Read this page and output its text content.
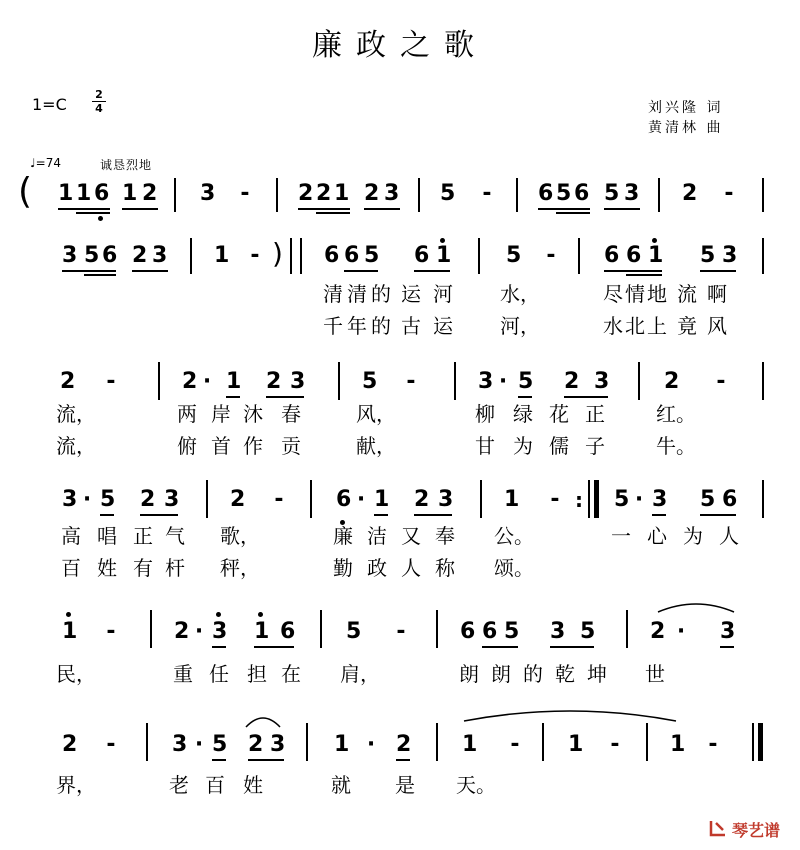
廉政之歌
1=C
2
4	刘兴隆 词
黄清林 曲
♩=74	诚恳烈地
( 1 1 6 1 2 3 - 2 2 1 2 3 5 - 6 5 6 5 3 2 -
3 5 6 2 3 1 - ) 6 6 5 6 1 5 - 6 6 1 5 3
清 清 的 运 河 水，	尽 情 地 流 啊
千 年 的 古 运 河，	水 北 上 竟 风
2 -	2 · 1 2 3	5 -	3 · 5 2 3 2 -
流，	两 岸 沐 春	风，	柳 绿 花 正	红。
流，	俯 首 作 贡	献，	甘 为 儒 子	牛。
3 · 5 2 3 2 - 6 · 1 2 3 1 - : 5 · 3 5 6
高 唱 正 气 歌，	廉 洁 又 奉 公。	一 心 为 人
百 姓 有 杆 秤，	勤 政 人 称 颂。
1 -	2 · 3 1 6 5 - 6 6 5 3 5 2 · 3
民，	重 任 担 在 肩，	朗 朗 的 乾 坤 世
2 -	3 · 5 2 3 1 · 2 1 - 1 - 1 -
界，	老 百 姓	就 是 天。
琴艺谱
